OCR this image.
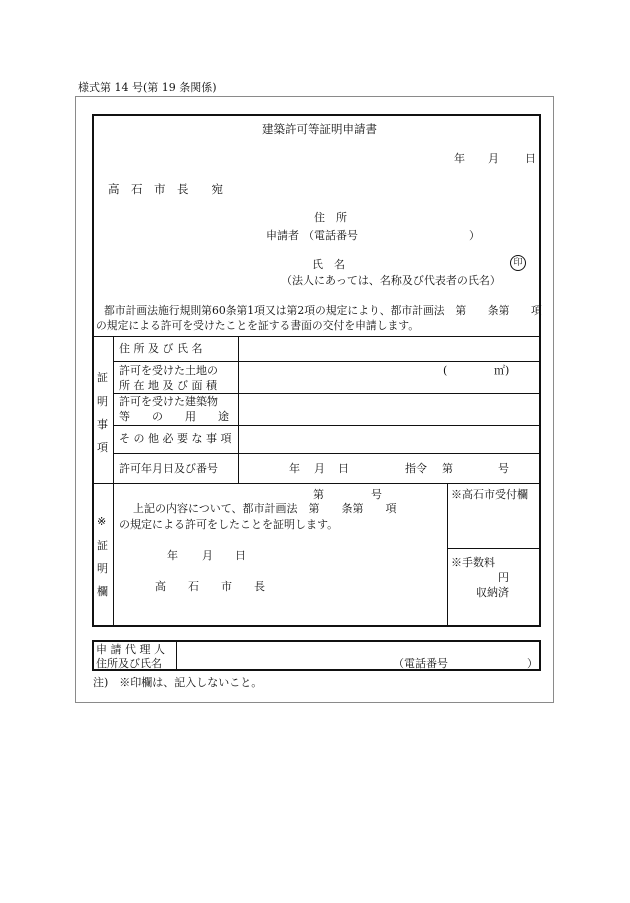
様式第 14 号(第 19 条関係)
建築許可等証明申請書
年 月 日
高　石　市　長　　宛
住　所
申請者 （電話番号	）
氏　名	印
（法人にあっては、名称及び代表者の氏名）
都市計画法施行規則第60条第1項又は第2項の規定により、都市計画法　第　　条第　　項
の規定による許可を受けたことを証する書面の交付を申請します。
証
明
事
項
住 所 及 び 氏 名
許可を受けた土地の
所 在 地 及 び 面 積
(	㎡)
許可を受けた建築物
等　　の　　用　　途
そ の 他 必 要 な 事 項
許可年月日及び番号	年 月 日	指令 第	号
※
証
明
欄
第	号
上記の内容について、都市計画法　第　　条第　　項
の規定による許可をしたことを証明します。
年 月 日
高　　石　　市　　長
※高石市受付欄
※手数料
円
収納済
申 請 代 理 人
住所及び氏名	（電話番号	）
注)　※印欄は、記入しないこと。
